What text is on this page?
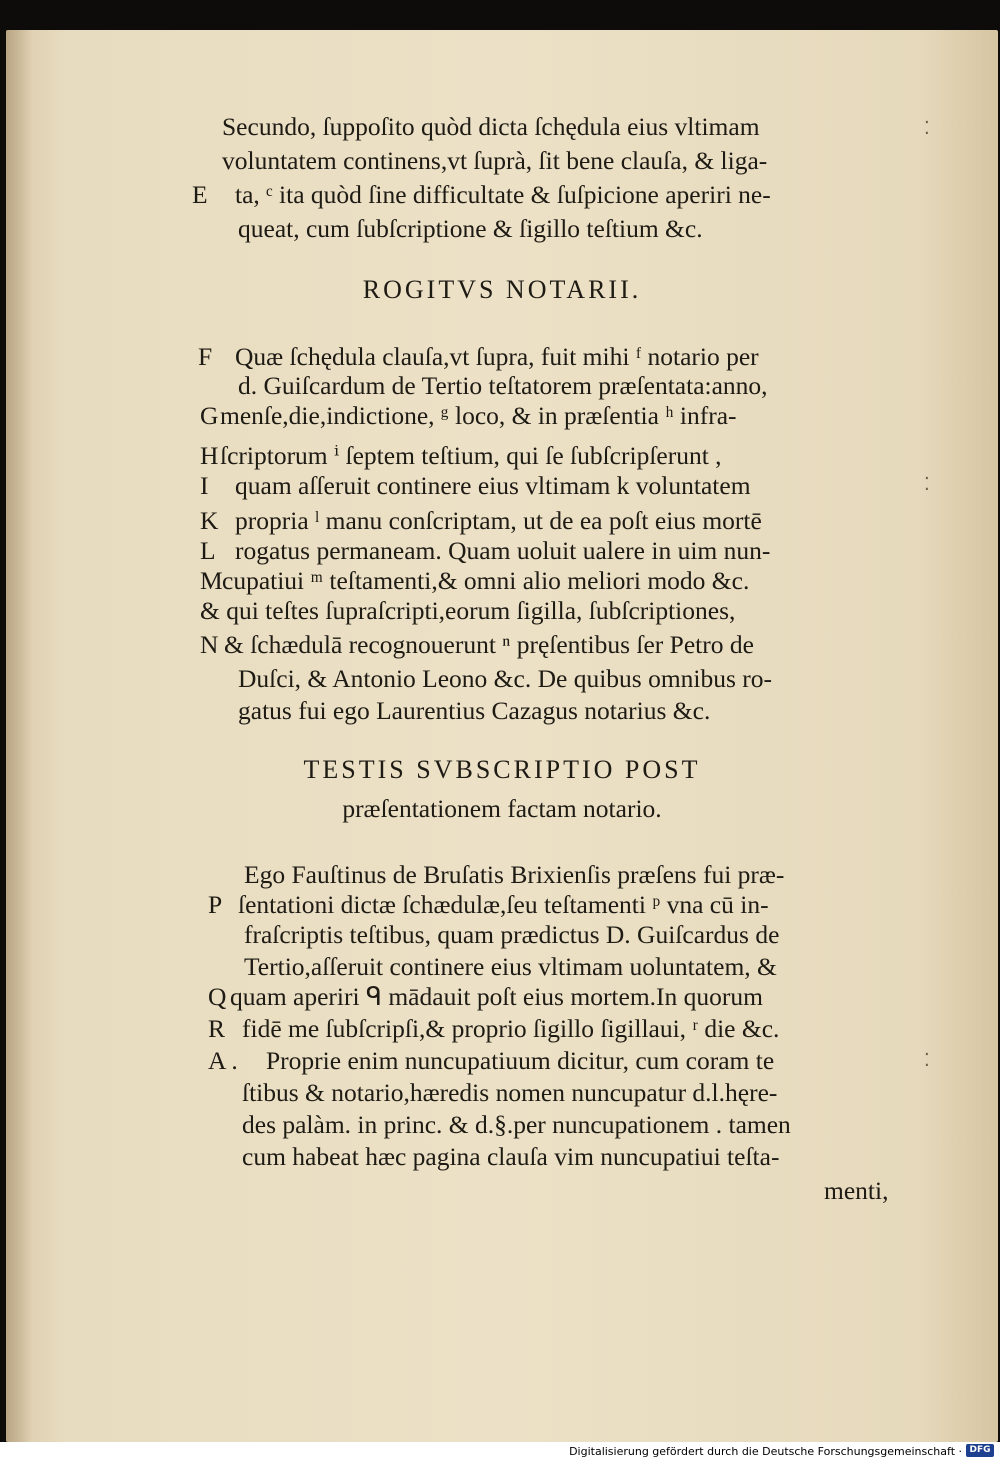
Secundo, ſuppoſito quòd dicta ſchędula eius vltimam
voluntatem continens,vt ſuprà, ſit bene clauſa, & liga-
E ta, ᶜ ita quòd ſine difficultate & ſuſpicione aperiri ne-
queat, cum ſubſcriptione & ſigillo teſtium &c.
ROGITVS NOTARII.
F Quæ ſchędula clauſa,vt ſupra, fuit mihi ᶠ notario per
d. Guiſcardum de Tertio teſtatorem præſentata:anno,
G menſe,die,indictione, ᵍ loco, & in præſentia ʰ infra-
H ſcriptorum ⁱ ſeptem teſtium, qui ſe ſubſcripſerunt ,
I quam aſſeruit continere eius vltimam k voluntatem
K propria ˡ manu conſcriptam, ut de ea poſt eius mortē
L rogatus permaneam. Quam uoluit ualere in uim nun-
M cupatiui ᵐ teſtamenti,& omni alio meliori modo &c.
& qui teſtes ſupraſcripti,eorum ſigilla, ſubſcriptiones,
N & ſchædulā recognouerunt ⁿ pręſentibus ſer Petro de
Duſci, & Antonio Leono &c. De quibus omnibus ro-
gatus fui ego Laurentius Cazagus notarius &c.
TESTIS SVBSCRIPTIO POST
præſentationem factam notario.
Ego Fauſtinus de Bruſatis Brixienſis præſens fui præ-
P ſentationi dictæ ſchædulæ,ſeu teſtamenti ᵖ vna cū in-
fraſcriptis teſtibus, quam prædictus D. Guiſcardus de
Tertio,aſſeruit continere eius vltimam uoluntatem, &
Q quam aperiri ᑫ mādauit poſt eius mortem.In quorum
R fidē me ſubſcripſi,& proprio ſigillo ſigillaui, ʳ die &c.
A . Proprie enim nuncupatiuum dicitur, cum coram te
ſtibus & notario,hæredis nomen nuncupatur d.l.hęre-
des palàm. in princ. & d.§.per nuncupationem . tamen
cum habeat hæc pagina clauſa vim nuncupatiui teſta-
menti,
⁚
⁚
⁚
Digitalisierung gefördert durch die Deutsche Forschungsgemeinschaft · DFG
